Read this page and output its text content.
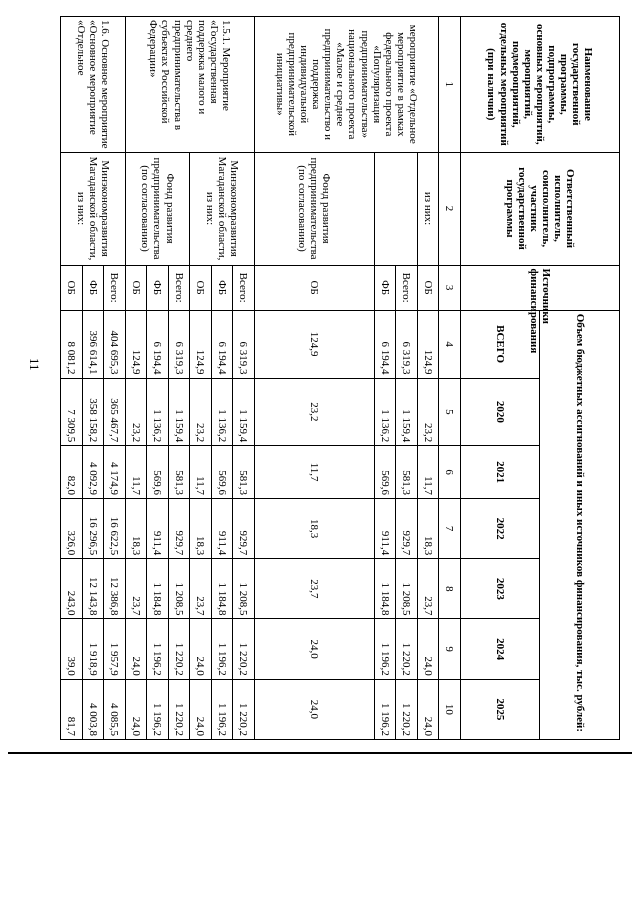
11
Наименование государственной программы, подпрограммы, основных мероприятий, мероприятий, подмероприятий, отдельных мероприятий (при наличии)	Ответственный исполнитель, соисполнитель, участник государственной программы	Источники финансирования	Объем бюджетных ассигнований и иных источников финансирования, тыс. рублей:						
			ВСЕГО	2020	2021	2022	2023	2024	2025
1	2	3	4	5	6	7	8	9	10
мероприятие «Отдельное мероприятие в рамках федерального проекта «Популяризация предпринимательства» национального проекта «Малое и среднее предпринимательство и поддержка индивидуальной предпринимательской инициативы»	из них:	ОБ	124,9	23,2	11,7	18,3	23,7	24,0	24,0
		Всего:	6 319,3	1 159,4	581,3	929,7	1 208,5	1 220,2	1 220,2
		ФБ	6 194,4	1 136,2	569,6	911,4	1 184,8	1 196,2	1 196,2
	Фонд развития предпринимательства (по согласованию)	ОБ	124,9	23,2	11,7	18,3	23,7	24,0	24,0
1.5.1. Мероприятие «Государственная поддержка малого и среднего предпринимательства в субъектах Российской Федерации»	Минэкономразвития Магаданской области, из них:	Всего:	6 319,3	1 159,4	581,3	929,7	1 208,5	1 220,2	1 220,2
		ФБ	6 194,4	1 136,2	569,6	911,4	1 184,8	1 196,2	1 196,2
		ОБ	124,9	23,2	11,7	18,3	23,7	24,0	24,0
	Фонд развития предпринимательства (по согласованию)	Всего:	6 319,3	1 159,4	581,3	929,7	1 208,5	1 220,2	1 220,2
		ФБ	6 194,4	1 136,2	569,6	911,4	1 184,8	1 196,2	1 196,2
		ОБ	124,9	23,2	11,7	18,3	23,7	24,0	24,0
1.6. Основное мероприятие «Основное мероприятие «Отдельное	Минэкономразвития Магаданской области, из них:	Всего:	404 695,3	365 467,7	4 174,9	16 622,5	12 386,8	1 957,9	4 085,5
		ФБ	396 614,1	358 158,2	4 092,9	16 296,5	12 143,8	1 918,9	4 003,8
		ОБ	8 081,2	7 309,5	82,0	326,0	243,0	39,0	81,7
